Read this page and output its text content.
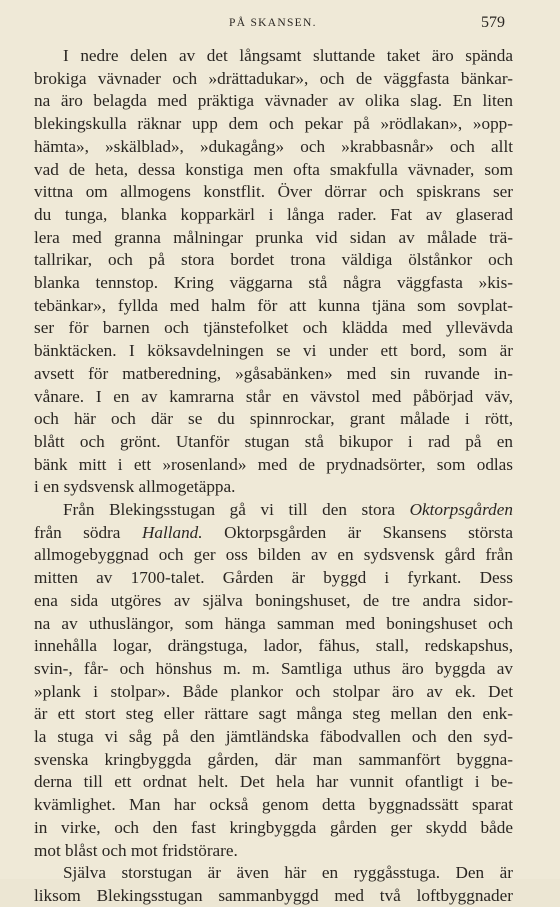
PÅ SKANSEN.	579
I nedre delen av det långsamt sluttande taket äro spända
brokiga vävnader och »drättadukar», och de väggfasta bänkar-
na äro belagda med präktiga vävnader av olika slag. En liten
blekingskulla räknar upp dem och pekar på »rödlakan», »opp-
hämta», »skälblad», »dukagång» och »krabbasnår» och allt
vad de heta, dessa konstiga men ofta smakfulla vävnader, som
vittna om allmogens konstflit. Över dörrar och spiskrans ser
du tunga, blanka kopparkärl i långa rader. Fat av glaserad
lera med granna målningar prunka vid sidan av målade trä-
tallrikar, och på stora bordet trona väldiga ölstånkor och
blanka tennstop. Kring väggarna stå några väggfasta »kis-
tebänkar», fyllda med halm för att kunna tjäna som sovplat-
ser för barnen och tjänstefolket och klädda med yllevävda
bänktäcken. I köksavdelningen se vi under ett bord, som är
avsett för matberedning, »gåsabänken» med sin ruvande in-
vånare. I en av kamrarna står en vävstol med påbörjad väv,
och här och där se du spinnrockar, grant målade i rött,
blått och grönt. Utanför stugan stå bikupor i rad på en
bänk mitt i ett »rosenland» med de prydnadsörter, som odlas
i en sydsvensk allmogetäppa.
Från Blekingsstugan gå vi till den stora Oktorpsgården
från södra Halland. Oktorpsgården är Skansens största
allmogebyggnad och ger oss bilden av en sydsvensk gård från
mitten av 1700-talet. Gården är byggd i fyrkant. Dess
ena sida utgöres av själva boningshuset, de tre andra sidor-
na av uthuslängor, som hänga samman med boningshuset och
innehålla logar, drängstuga, lador, fähus, stall, redskapshus,
svin-, får- och hönshus m. m. Samtliga uthus äro byggda av
»plank i stolpar». Både plankor och stolpar äro av ek. Det
är ett stort steg eller rättare sagt många steg mellan den enk-
la stuga vi såg på den jämtländska fäbodvallen och den syd-
svenska kringbyggda gården, där man sammanfört byggna-
derna till ett ordnat helt. Det hela har vunnit ofantligt i be-
kvämlighet. Man har också genom detta byggnadssätt sparat
in virke, och den fast kringbyggda gården ger skydd både
mot blåst och mot fridstörare.
Själva storstugan är även här en ryggåsstuga. Den är
liksom Blekingsstugan sammanbyggd med två loftbyggnader
